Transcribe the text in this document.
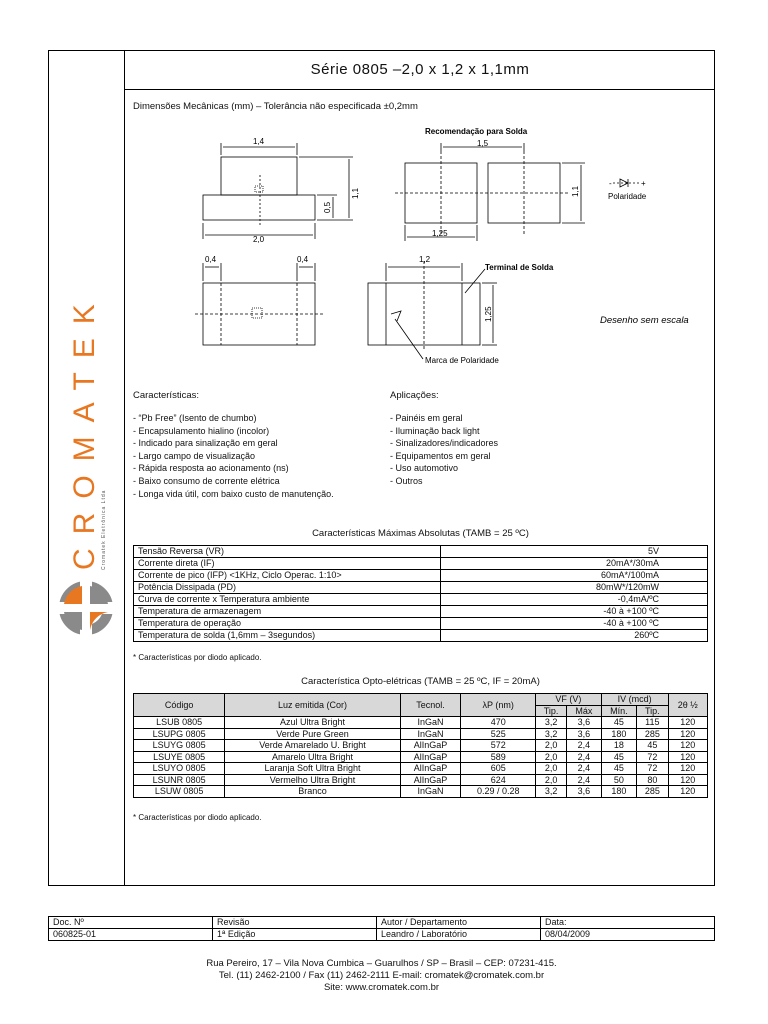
CROMATEK Cromatek Eletrônica Ltda
Série 0805 –2,0 x 1,2 x 1,1mm
Dimensões Mecânicas (mm) – Tolerância não especificada ±0,2mm
1,4
2,0
0,5
1,1
Recomendação para Solda
1,5
1,25
1,1
-	+
Polaridade
0,4	0,4	1,2
1,25
Terminal de Solda
Marca de Polaridade
Desenho sem escala
Características:
- “Pb Free” (Isento de chumbo)
- Encapsulamento hialino (incolor)
- Indicado para sinalização em geral
- Largo campo de visualização
- Rápida resposta ao acionamento (ns)
- Baixo consumo de corrente elétrica
- Longa vida útil, com baixo custo de manutenção.
Aplicações:
- Painéis em geral
- Iluminação back light
- Sinalizadores/indicadores
- Equipamentos em geral
- Uso automotivo
- Outros
Características Máximas Absolutas (TAMB = 25 ºC)
Tensão Reversa (VR)	5V
Corrente direta (IF)	20mA*/30mA
Corrente de pico (IFP) <1KHz, Ciclo Operac. 1:10>	60mA*/100mA
Potência Dissipada (PD)	80mW*/120mW
Curva de corrente x Temperatura ambiente	-0,4mA/ºC
Temperatura de armazenagem	-40 à +100 ºC
Temperatura de operação	-40 à +100 ºC
Temperatura de solda (1,6mm – 3segundos)	260ºC
* Características por diodo aplicado.
Característica Opto-elétricas (TAMB = 25 ºC, IF = 20mA)
Código	Luz emitida (Cor)	Tecnol.	λP (nm)	VF (V)		IV (mcd)		2θ ½
				Tip.	Máx	Mín.	Tip.	
LSUB 0805	Azul Ultra Bright	InGaN	470	3,2	3,6	45	115	120
LSUPG 0805	Verde Pure Green	InGaN	525	3,2	3,6	180	285	120
LSUYG 0805	Verde Amarelado U. Bright	AlInGaP	572	2,0	2,4	18	45	120
LSUYE 0805	Amarelo Ultra Bright	AlInGaP	589	2,0	2,4	45	72	120
LSUYO 0805	Laranja Soft Ultra Bright	AlInGaP	605	2,0	2,4	45	72	120
LSUNR 0805	Vermelho Ultra Bright	AlInGaP	624	2,0	2,4	50	80	120
LSUW 0805	Branco	InGaN	0.29 / 0.28	3,2	3,6	180	285	120
* Características por diodo aplicado.
Doc. Nº	Revisão	Autor / Departamento	Data:
060825-01	1ª Edição	Leandro / Laboratório	08/04/2009
Rua Pereiro, 17 – Vila Nova Cumbica – Guarulhos / SP – Brasil – CEP: 07231-415.
Tel. (11) 2462-2100 / Fax (11) 2462-2111 E-mail: cromatek@cromatek.com.br
Site: www.cromatek.com.br
